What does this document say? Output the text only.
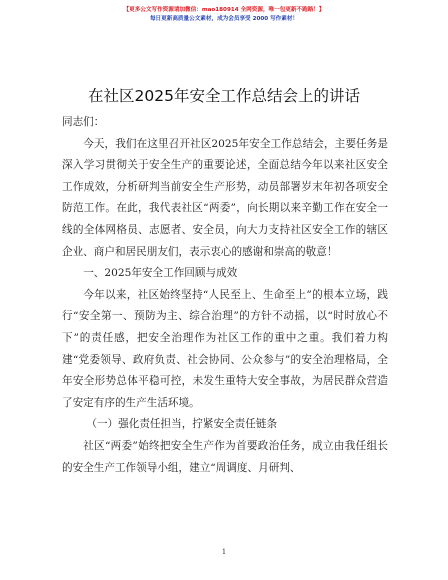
【更多公文写作资源请加微信：mao180914 全网资源，唯一包更新不跑路！】
每日更新高质量公文素材，成为会员享受 2000 写作素材！
在社区2025年安全工作总结会上的讲话

同志们：

今天，我们在这里召开社区2025年安全工作总结会，主要任务是深入学习贯彻关于安全生产的重要论述，全面总结今年以来社区安全工作成效，分析研判当前安全生产形势，动员部署岁末年初各项安全防范工作。在此，我代表社区“两委”，向长期以来辛勤工作在安全一线的全体网格员、志愿者、安全员，向大力支持社区安全工作的辖区企业、商户和居民朋友们，表示衷心的感谢和崇高的敬意！

一、2025年安全工作回顾与成效

今年以来，社区始终坚持“人民至上、生命至上”的根本立场，践行“安全第一、预防为主、综合治理”的方针不动摇，以“时时放心不下”的责任感，把安全治理作为社区工作的重中之重。我们着力构建“党委领导、政府负责、社会协同、公众参与”的安全治理格局，全年安全形势总体平稳可控，未发生重特大安全事故，为居民群众营造了安定有序的生产生活环境。

（一）强化责任担当，拧紧安全责任链条

社区“两委”始终把安全生产作为首要政治任务，成立由我任组长的安全生产工作领导小组，建立“周调度、月研判、

1
